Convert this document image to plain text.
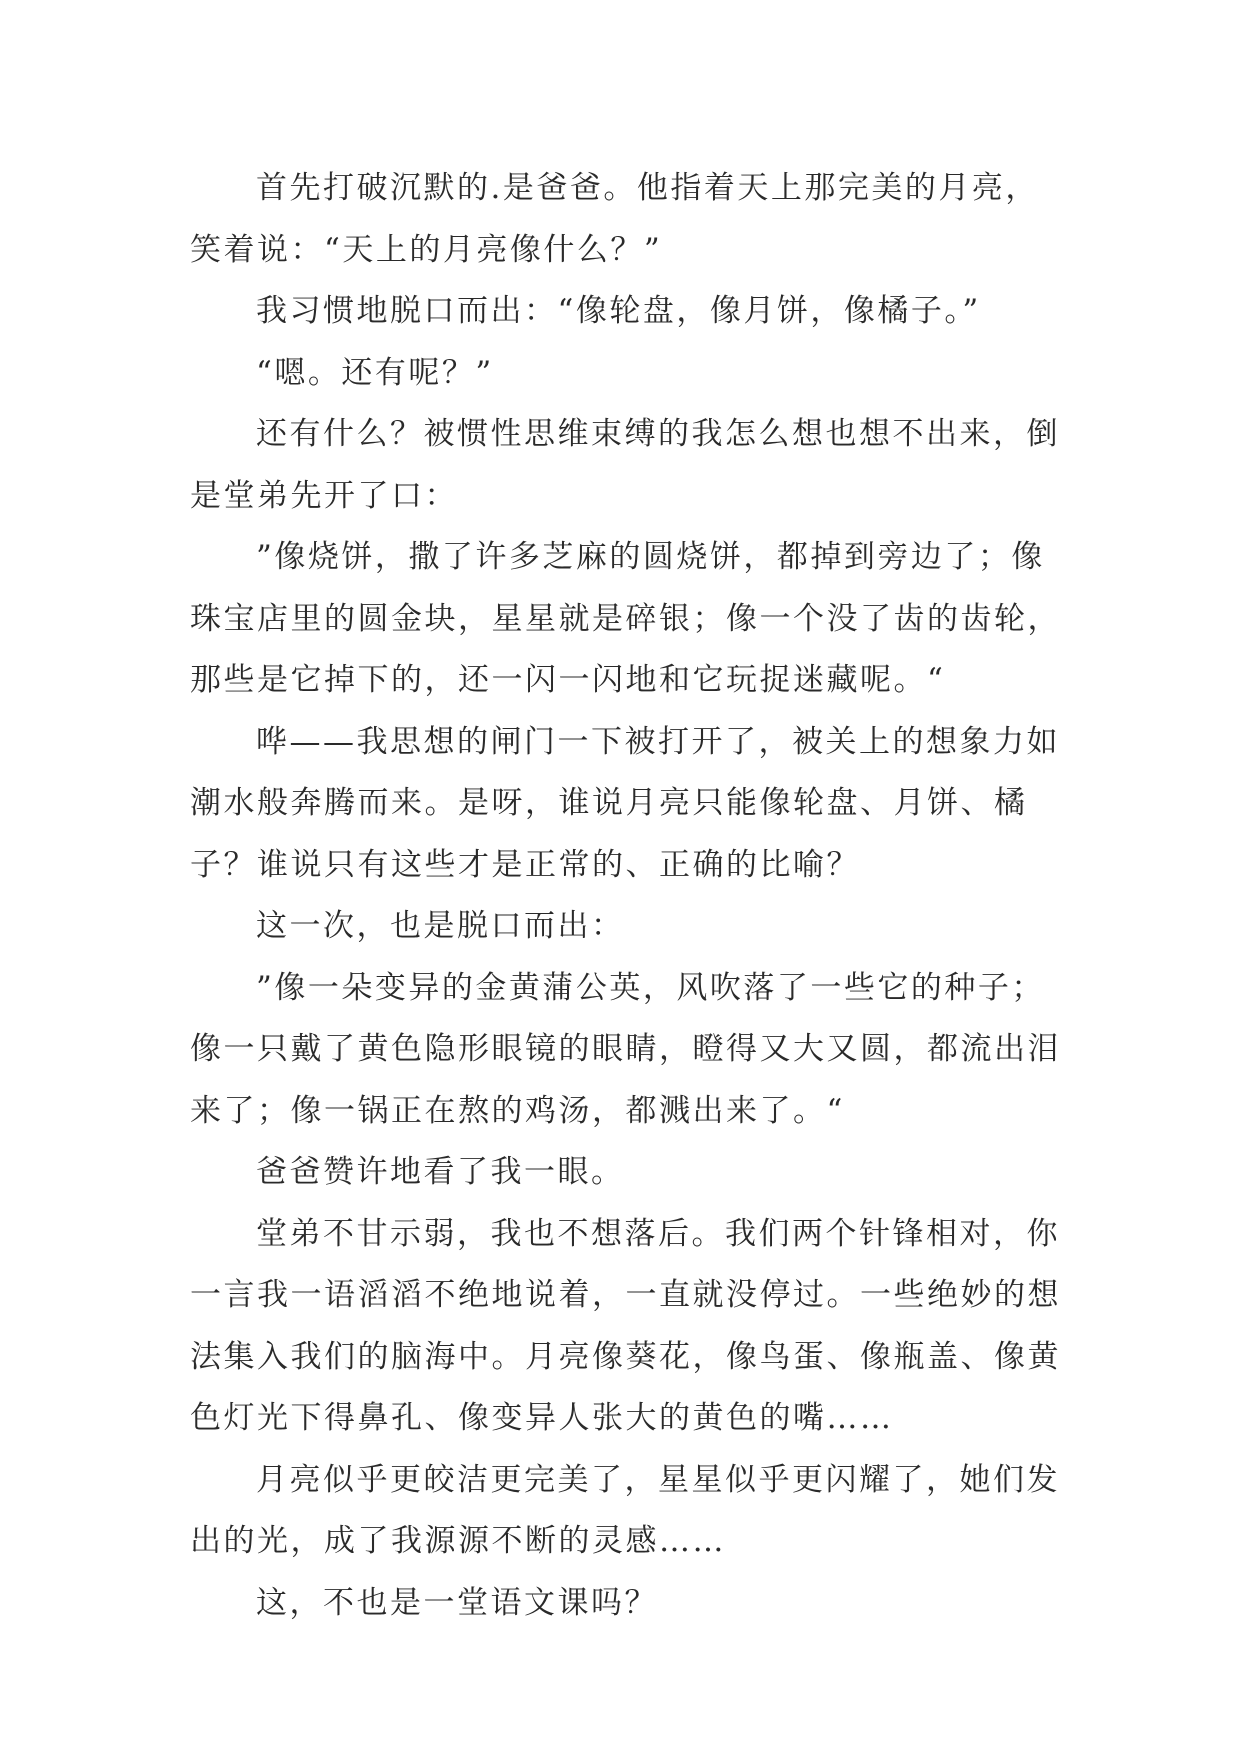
首先打破沉默的.是爸爸。他指着天上那完美的月亮，笑着说：“天上的月亮像什么？”

我习惯地脱口而出：“像轮盘，像月饼，像橘子。”

“嗯。还有呢？”

还有什么？被惯性思维束缚的我怎么想也想不出来，倒是堂弟先开了口：

”像烧饼，撒了许多芝麻的圆烧饼，都掉到旁边了；像珠宝店里的圆金块，星星就是碎银；像一个没了齿的齿轮，那些是它掉下的，还一闪一闪地和它玩捉迷藏呢。“

哗——我思想的闸门一下被打开了，被关上的想象力如潮水般奔腾而来。是呀，谁说月亮只能像轮盘、月饼、橘子？谁说只有这些才是正常的、正确的比喻？

这一次，也是脱口而出：

”像一朵变异的金黄蒲公英，风吹落了一些它的种子；像一只戴了黄色隐形眼镜的眼睛，瞪得又大又圆，都流出泪来了；像一锅正在熬的鸡汤，都溅出来了。“

爸爸赞许地看了我一眼。

堂弟不甘示弱，我也不想落后。我们两个针锋相对，你一言我一语滔滔不绝地说着，一直就没停过。一些绝妙的想法集入我们的脑海中。月亮像葵花，像鸟蛋、像瓶盖、像黄色灯光下得鼻孔、像变异人张大的黄色的嘴……

月亮似乎更皎洁更完美了，星星似乎更闪耀了，她们发出的光，成了我源源不断的灵感……

这，不也是一堂语文课吗？
